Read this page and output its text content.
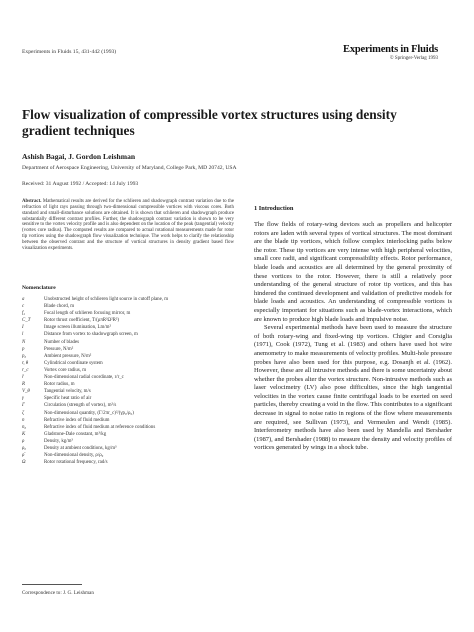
Experiments in Fluids 15, 431-442 (1993)	Experiments in Fluids
© Springer-Verlag 1993
Flow visualization of compressible vortex structures using density gradient techniques
Ashish Bagai, J. Gordon Leishman
Department of Aerospace Engineering, University of Maryland, College Park, MD 20742, USA
Received: 31 August 1992 / Accepted: 14 July 1993
Abstract. Mathematical results are derived for the schlieren and shadowgraph contrast variation due to the refraction of light rays passing through two-dimensional compressible vortices with viscous cores. Both standard and small-disturbance solutions are obtained. It is shown that schlieren and shadowgraph produce substantially different contrast profiles. Further, the shadowgraph contrast variation is shown to be very sensitive to the vortex velocity profile and is also dependent on the location of the peak (tangential) velocity (vortex core radius). The computed results are compared to actual rotational measurements made for rotor tip vortices using the shadowgraph flow visualization technique. The work helps to clarify the relationship between the observed contrast and the structure of vortical structures in density gradient based flow visualization experiments.
Nomenclature
a	Unobstructed height of schlieren light source in cutoff plane, m
c	Blade chord, m
f₂	Focal length of schlieren focusing mirror, m
C_T	Rotor thrust coefficient, T/(ρπR²Ω²R²)
I	Image screen illumination, Lm/m²
l	Distance from vortex to shadowgraph screen, m
N	Number of blades
p	Pressure, N/m²
p₀	Ambient pressure, N/m²
r, θ	Cylindrical coordinate system
r_c	Vortex core radius, m
r̄	Non-dimensional radial coordinate, r/r_c
R	Rotor radius, m
V_θ	Tangential velocity, m/s
γ	Specific heat ratio of air
Γ	Circulation (strength of vortex), m²/s
ζ	Non-dimensional quantity, (Γ/2πr_c)²/(γp₀/ρ₀)
n	Refractive index of fluid medium
n₀	Refractive index of fluid medium at reference conditions
K	Gladstone-Dale constant, m³/kg
ρ	Density, kg/m³
ρ₀	Density at ambient conditions, kg/m³
ρ̄	Non-dimensional density, ρ/ρ₀
Ω	Rotor rotational frequency, rad/s
Correspondence to: J. G. Leishman
1 Introduction

The flow fields of rotary-wing devices such as propellers and helicopter rotors are laden with several types of vortical structures. The most dominant are the blade tip vortices, which follow complex interlocking paths below the rotor. These tip vortices are very intense with high peripheral velocities, small core radii, and significant compressibility effects. Rotor performance, blade loads and acoustics are all determined by the general proximity of these vortices to the rotor. However, there is still a relatively poor understanding of the general structure of rotor tip vortices, and this has hindered the continued development and validation of predictive models for blade loads and acoustics. An understanding of compressible vortices is especially important for situations such as blade-vortex interactions, which are known to produce high blade loads and impulsive noise.

Several experimental methods have been used to measure the structure of both rotary-wing and fixed-wing tip vortices. Chigier and Corsiglia (1971), Cook (1972), Tung et al. (1983) and others have used hot wire anemometry to make measurements of velocity profiles. Multi-hole pressure probes have also been used for this purpose, e.g. Dosanjh et al. (1962). However, these are all intrusive methods and there is some uncertainty about whether the probes alter the vortex structure. Non-intrusive methods such as laser velocimetry (LV) also pose difficulties, since the high tangential velocities in the vortex cause finite centrifugal loads to be exerted on seed particles, thereby creating a void in the flow. This contributes to a significant decrease in signal to noise ratio in regions of the flow where measurements are required, see Sullivan (1973), and Vermeulen and Wendt (1985). Interferometry methods have also been used by Mandella and Bershader (1987), and Bershader (1988) to measure the density and velocity profiles of vortices generated by wings in a shock tube.
